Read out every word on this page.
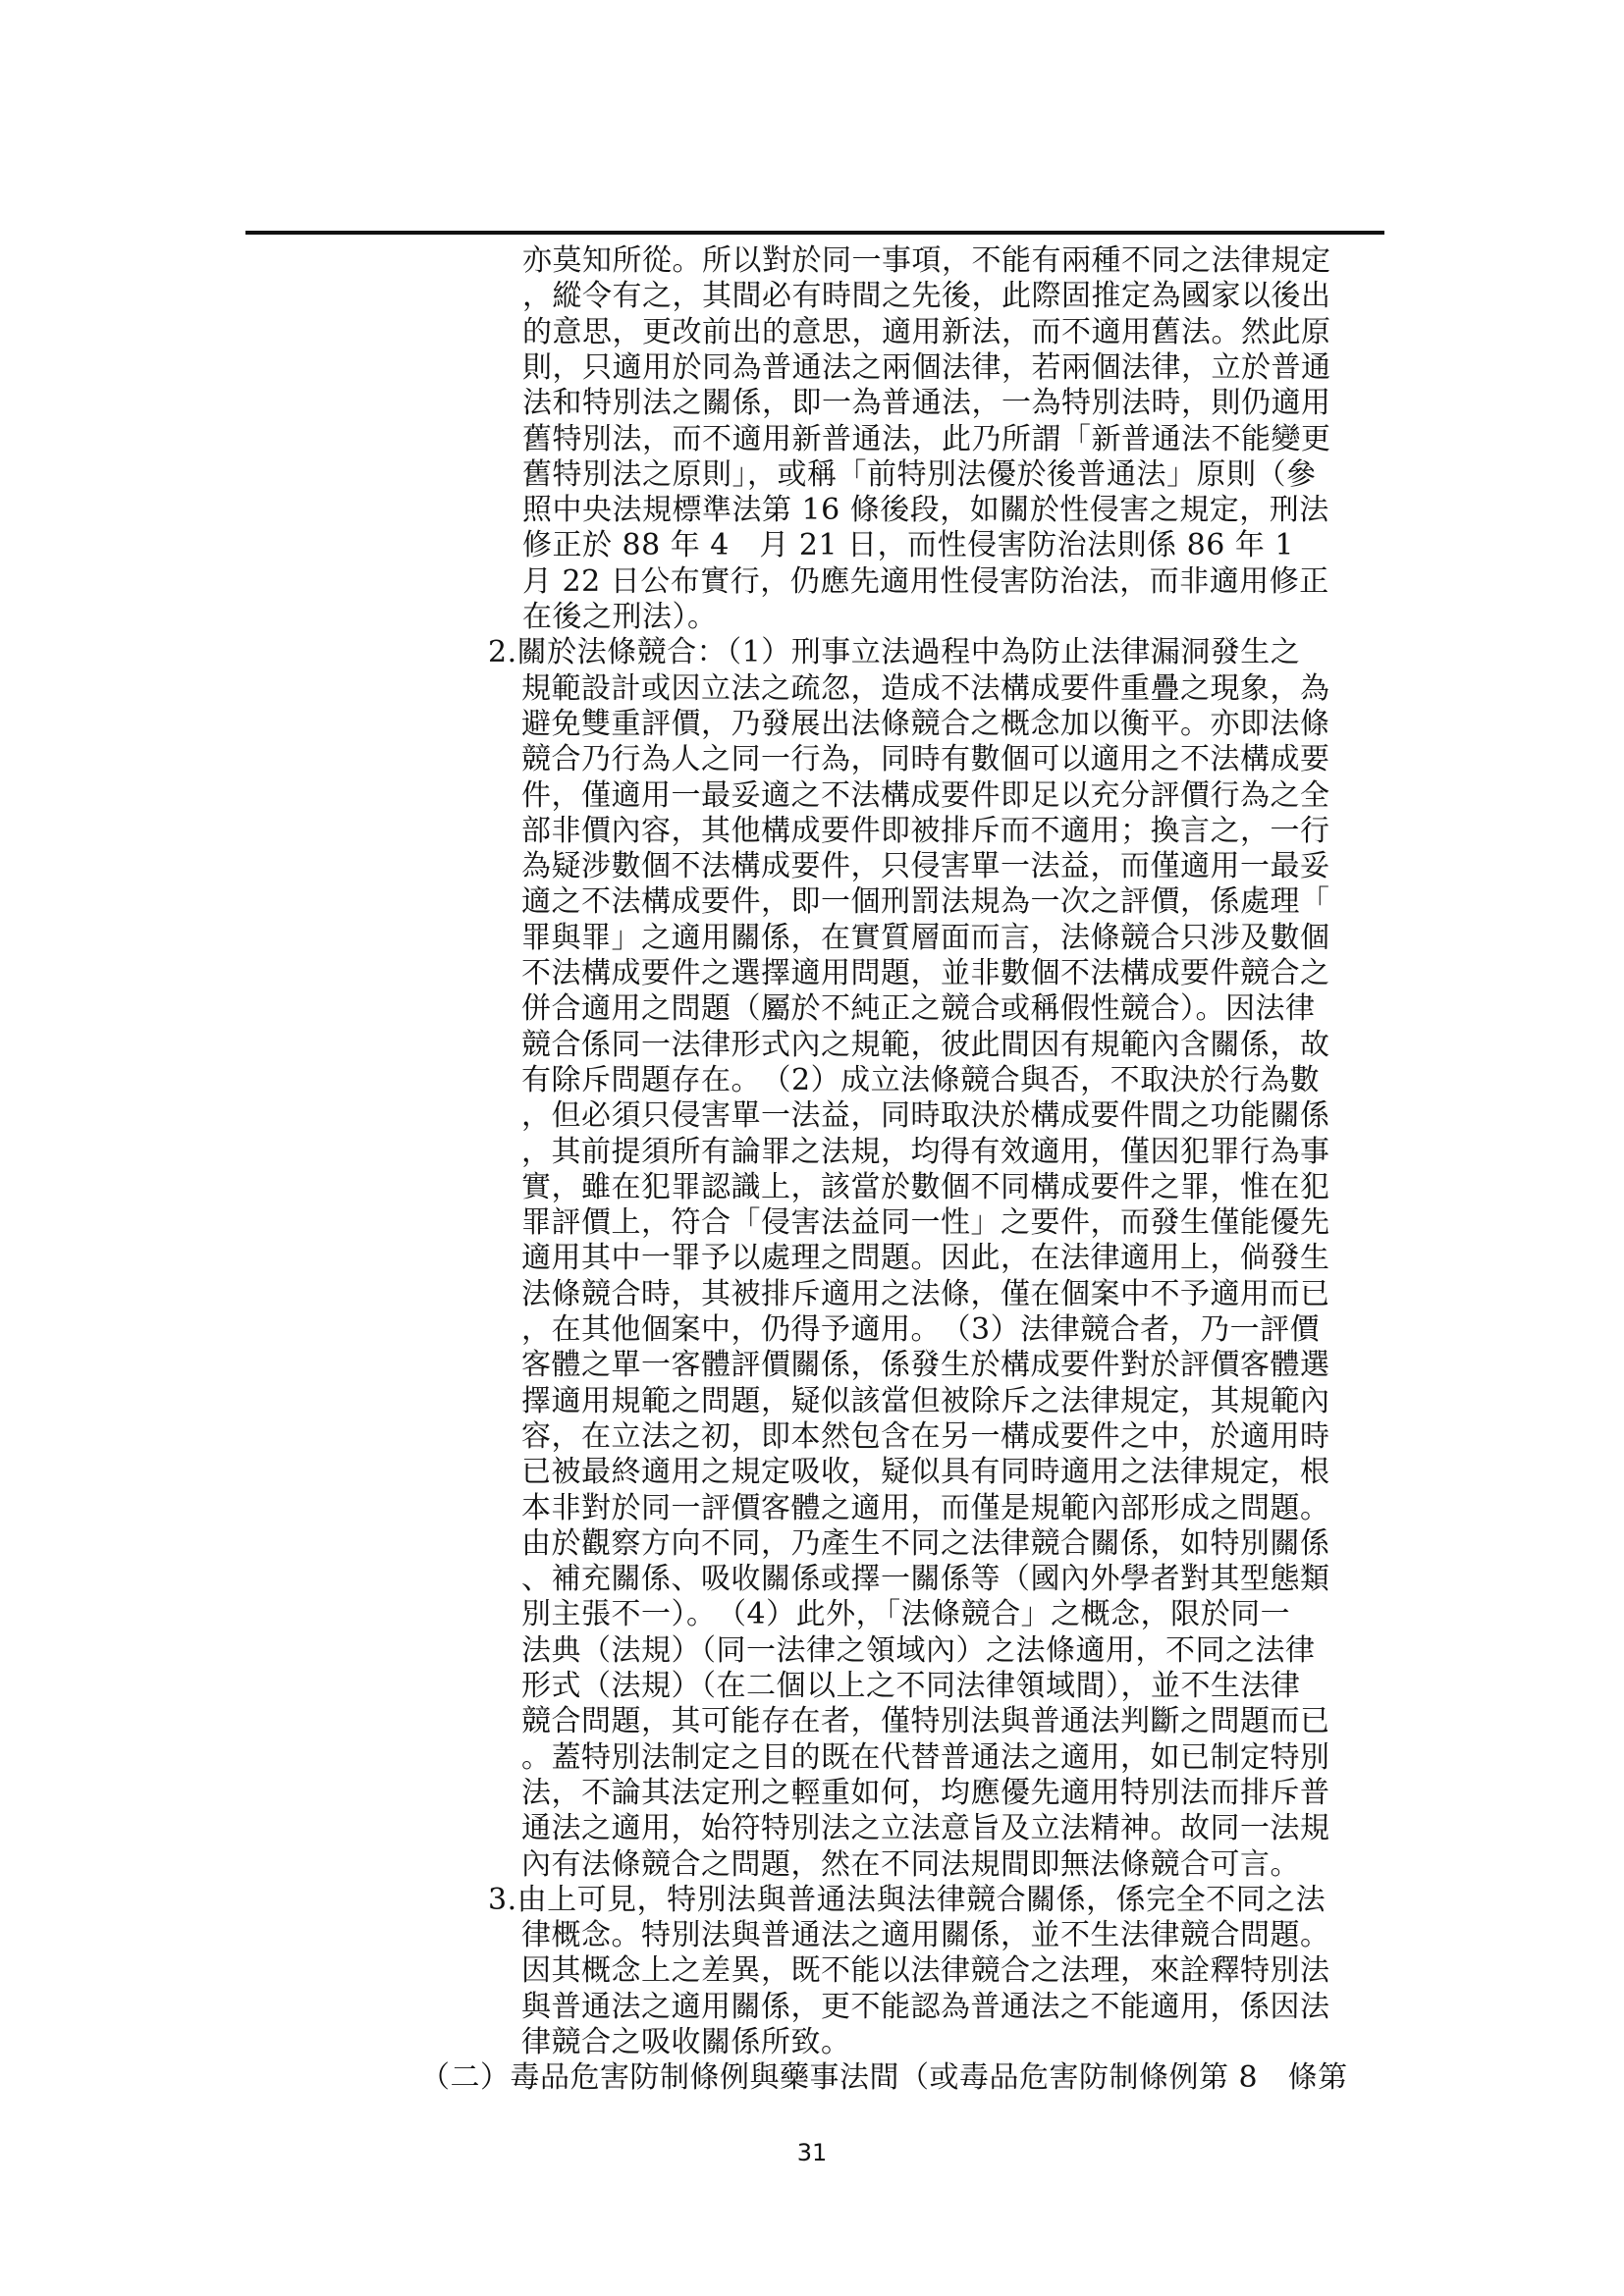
亦莫知所從。所以對於同一事項，不能有兩種不同之法律規定
，縱令有之，其間必有時間之先後，此際固推定為國家以後出
的意思，更改前出的意思，適用新法，而不適用舊法。然此原
則，只適用於同為普通法之兩個法律，若兩個法律，立於普通
法和特別法之關係，即一為普通法，一為特別法時，則仍適用
舊特別法，而不適用新普通法，此乃所謂「新普通法不能變更
舊特別法之原則」，或稱「前特別法優於後普通法」原則（參
照中央法規標準法第 16 條後段，如關於性侵害之規定，刑法
修正於 88 年 4　月 21 日，而性侵害防治法則係 86 年 1
月 22 日公布實行，仍應先適用性侵害防治法，而非適用修正
在後之刑法）。
2.關於法條競合：（1）刑事立法過程中為防止法律漏洞發生之
規範設計或因立法之疏忽，造成不法構成要件重疊之現象，為
避免雙重評價，乃發展出法條競合之概念加以衡平。亦即法條
競合乃行為人之同一行為，同時有數個可以適用之不法構成要
件，僅適用一最妥適之不法構成要件即足以充分評價行為之全
部非價內容，其他構成要件即被排斥而不適用；換言之，一行
為疑涉數個不法構成要件，只侵害單一法益，而僅適用一最妥
適之不法構成要件，即一個刑罰法規為一次之評價，係處理「
罪與罪」之適用關係，在實質層面而言，法條競合只涉及數個
不法構成要件之選擇適用問題，並非數個不法構成要件競合之
併合適用之問題（屬於不純正之競合或稱假性競合）。因法律
競合係同一法律形式內之規範，彼此間因有規範內含關係，故
有除斥問題存在。　（2）成立法條競合與否，不取決於行為數
，但必須只侵害單一法益，同時取決於構成要件間之功能關係
，其前提須所有論罪之法規，均得有效適用，僅因犯罪行為事
實，雖在犯罪認識上，該當於數個不同構成要件之罪，惟在犯
罪評價上，符合「侵害法益同一性」之要件，而發生僅能優先
適用其中一罪予以處理之問題。因此，在法律適用上，倘發生
法條競合時，其被排斥適用之法條，僅在個案中不予適用而已
，在其他個案中，仍得予適用。　（3）法律競合者，乃一評價
客體之單一客體評價關係，係發生於構成要件對於評價客體選
擇適用規範之問題，疑似該當但被除斥之法律規定，其規範內
容，在立法之初，即本然包含在另一構成要件之中，於適用時
已被最終適用之規定吸收，疑似具有同時適用之法律規定，根
本非對於同一評價客體之適用，而僅是規範內部形成之問題。
由於觀察方向不同，乃產生不同之法律競合關係，如特別關係
、補充關係、吸收關係或擇一關係等（國內外學者對其型態類
別主張不一）。　（4）此外，「法條競合」之概念，限於同一
法典（法規）（同一法律之領域內）之法條適用，不同之法律
形式（法規）（在二個以上之不同法律領域間），並不生法律
競合問題，其可能存在者，僅特別法與普通法判斷之問題而已
。蓋特別法制定之目的既在代替普通法之適用，如已制定特別
法，不論其法定刑之輕重如何，均應優先適用特別法而排斥普
通法之適用，始符特別法之立法意旨及立法精神。故同一法規
內有法條競合之問題，然在不同法規間即無法條競合可言。
3.由上可見，特別法與普通法與法律競合關係，係完全不同之法
律概念。特別法與普通法之適用關係，並不生法律競合問題。
因其概念上之差異，既不能以法律競合之法理，來詮釋特別法
與普通法之適用關係，更不能認為普通法之不能適用，係因法
律競合之吸收關係所致。
（二）毒品危害防制條例與藥事法間（或毒品危害防制條例第 8　條第
31
